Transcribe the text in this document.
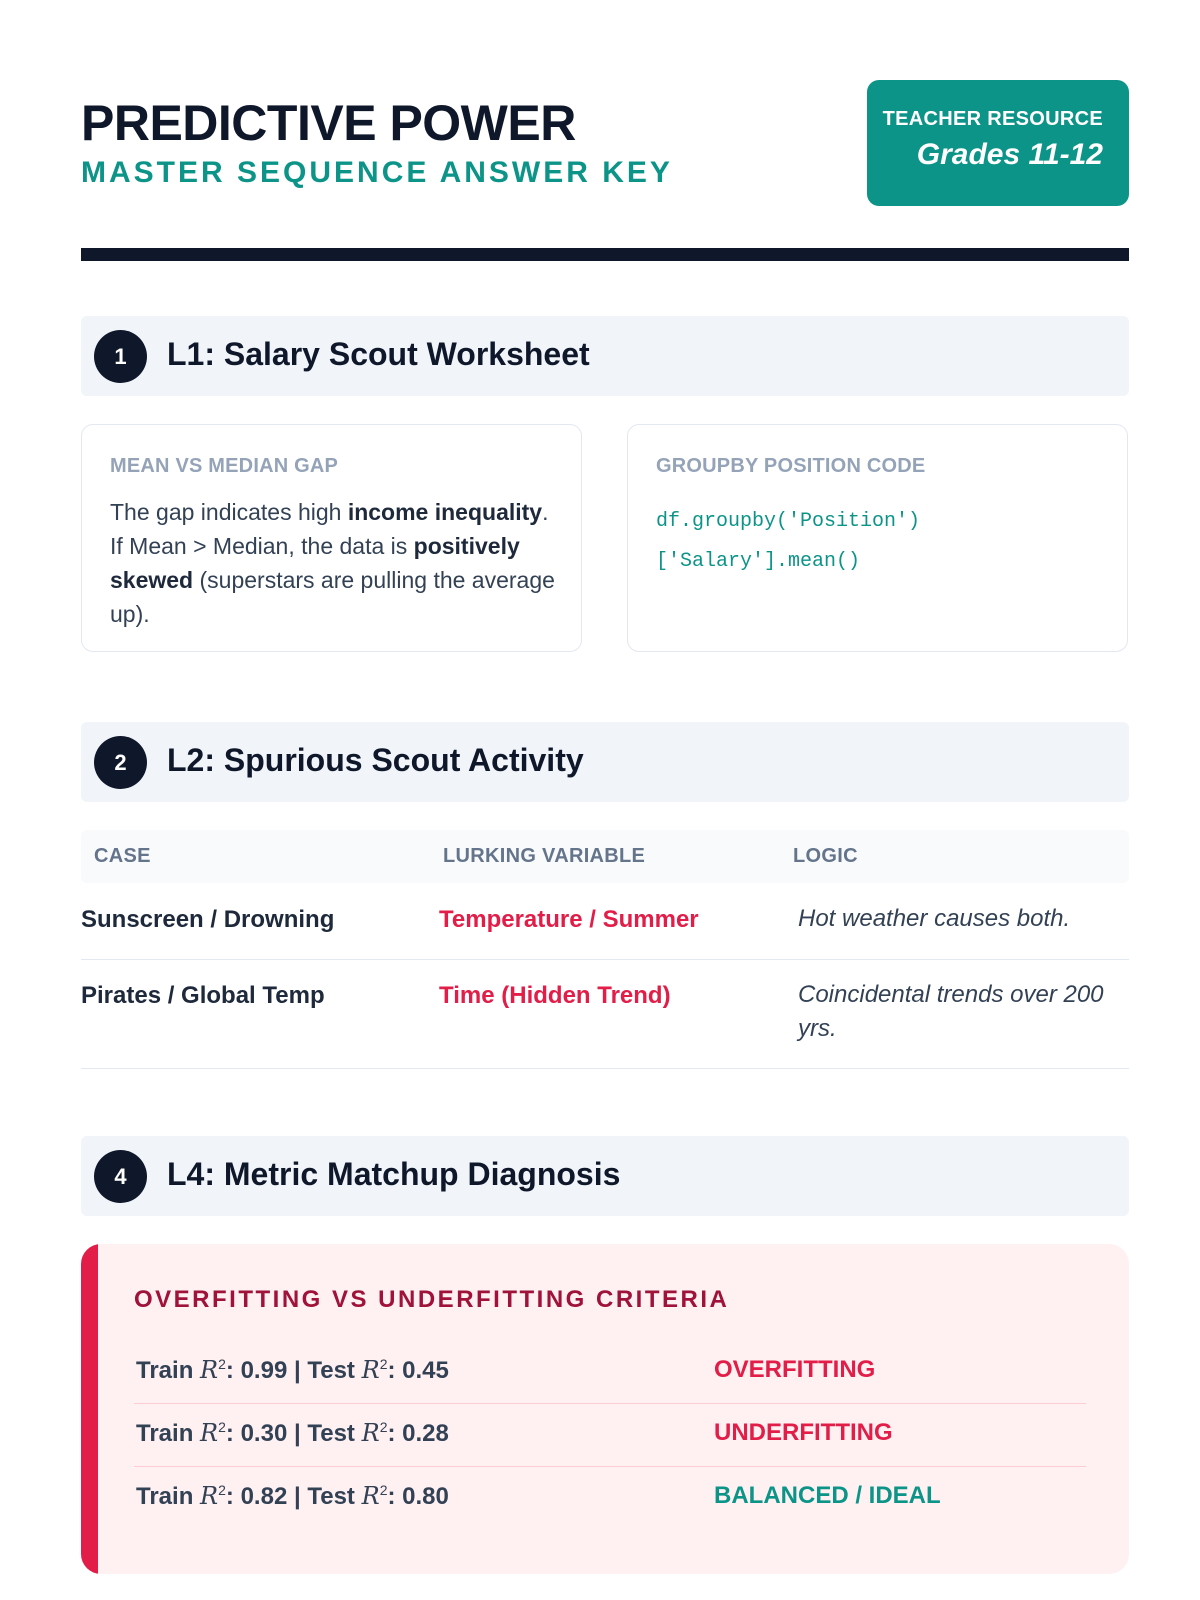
PREDICTIVE POWER
MASTER SEQUENCE ANSWER KEY
TEACHER RESOURCE
Grades 11-12
1	L1: Salary Scout Worksheet
MEAN VS MEDIAN GAP
The gap indicates high income inequality. If Mean > Median, the data is positively skewed (superstars are pulling the average up).
GROUPBY POSITION CODE
df.groupby('Position')
['Salary'].mean()
2	L2: Spurious Scout Activity
CASE	LURKING VARIABLE	LOGIC
Sunscreen / Drowning	Temperature / Summer	Hot weather causes both.
Pirates / Global Temp	Time (Hidden Trend)	Coincidental trends over 200 yrs.
4	L4: Metric Matchup Diagnosis
OVERFITTING VS UNDERFITTING CRITERIA
Train $R^2$: 0.99 | Test $R^2$: 0.45	OVERFITTING
Train $R^2$: 0.30 | Test $R^2$: 0.28	UNDERFITTING
Train $R^2$: 0.82 | Test $R^2$: 0.80	BALANCED / IDEAL
